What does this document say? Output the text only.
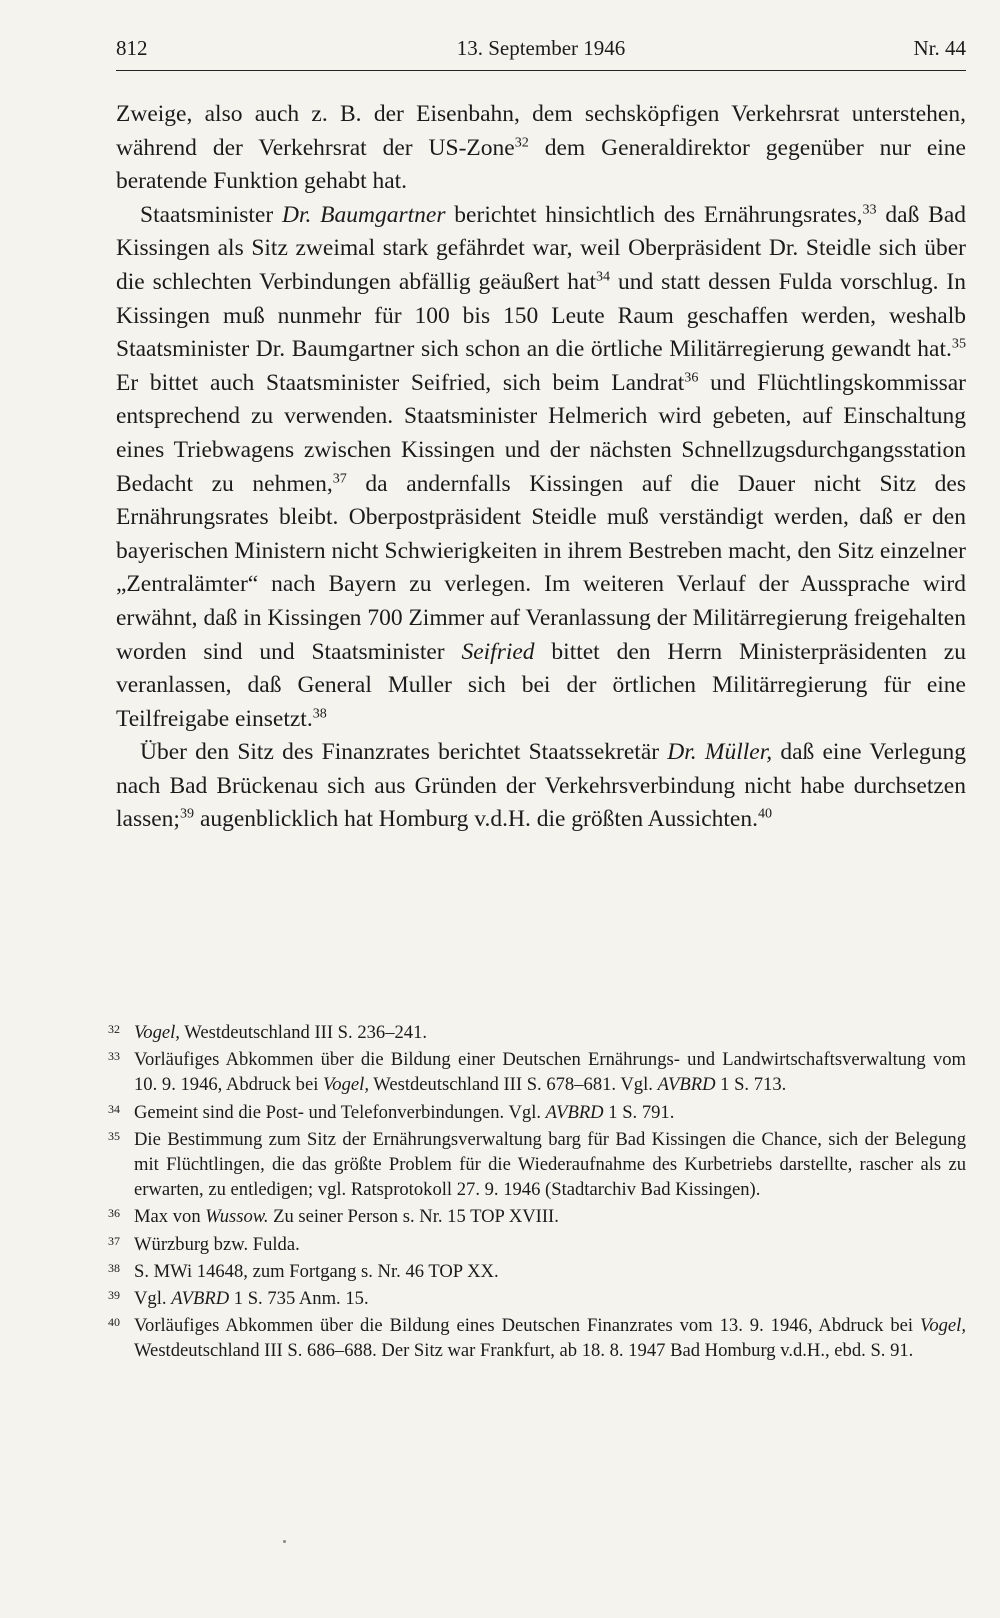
13. September 1946
812	Nr. 44

Zweige, also auch z. B. der Eisenbahn, dem sechsköpfigen Verkehrsrat unterstehen, während der Verkehrsrat der US-Zone$^{32}$ dem Generaldirektor gegenüber nur eine beratende Funktion gehabt hat.

Staatsminister Dr. Baumgartner berichtet hinsichtlich des Ernährungsrates,$^{33}$ daß Bad Kissingen als Sitz zweimal stark gefährdet war, weil Oberpräsident Dr. Steidle sich über die schlechten Verbindungen abfällig geäußert hat$^{34}$ und statt dessen Fulda vorschlug. In Kissingen muß nunmehr für 100 bis 150 Leute Raum geschaffen werden, weshalb Staatsminister Dr. Baumgartner sich schon an die örtliche Militärregierung gewandt hat.$^{35}$ Er bittet auch Staatsminister Seifried, sich beim Landrat$^{36}$ und Flüchtlingskommissar entsprechend zu verwenden. Staatsminister Helmerich wird gebeten, auf Einschaltung eines Triebwagens zwischen Kissingen und der nächsten Schnellzugsdurchgangsstation Bedacht zu nehmen,$^{37}$ da andernfalls Kissingen auf die Dauer nicht Sitz des Ernährungsrates bleibt. Oberpostpräsident Steidle muß verständigt werden, daß er den bayerischen Ministern nicht Schwierigkeiten in ihrem Bestreben macht, den Sitz einzelner „Zentralämter“ nach Bayern zu verlegen. Im weiteren Verlauf der Aussprache wird erwähnt, daß in Kissingen 700 Zimmer auf Veranlassung der Militärregierung freigehalten worden sind und Staatsminister Seifried bittet den Herrn Ministerpräsidenten zu veranlassen, daß General Muller sich bei der örtlichen Militärregierung für eine Teilfreigabe einsetzt.$^{38}$

Über den Sitz des Finanzrates berichtet Staatssekretär Dr. Müller, daß eine Verlegung nach Bad Brückenau sich aus Gründen der Verkehrsverbindung nicht habe durchsetzen lassen;$^{39}$ augenblicklich hat Homburg v.d.H. die größten Aussichten.$^{40}$

32 Vogel, Westdeutschland III S. 236–241.
33 Vorläufiges Abkommen über die Bildung einer Deutschen Ernährungs- und Landwirtschaftsverwaltung vom 10. 9. 1946, Abdruck bei Vogel, Westdeutschland III S. 678–681. Vgl. AVBRD 1 S. 713.
34 Gemeint sind die Post- und Telefonverbindungen. Vgl. AVBRD 1 S. 791.
35 Die Bestimmung zum Sitz der Ernährungsverwaltung barg für Bad Kissingen die Chance, sich der Belegung mit Flüchtlingen, die das größte Problem für die Wiederaufnahme des Kurbetriebs darstellte, rascher als zu erwarten, zu entledigen; vgl. Ratsprotokoll 27. 9. 1946 (Stadtarchiv Bad Kissingen).
36 Max von Wussow. Zu seiner Person s. Nr. 15 TOP XVIII.
37 Würzburg bzw. Fulda.
38 S. MWi 14648, zum Fortgang s. Nr. 46 TOP XX.
39 Vgl. AVBRD 1 S. 735 Anm. 15.
40 Vorläufiges Abkommen über die Bildung eines Deutschen Finanzrates vom 13. 9. 1946, Abdruck bei Vogel, Westdeutschland III S. 686–688. Der Sitz war Frankfurt, ab 18. 8. 1947 Bad Homburg v.d.H., ebd. S. 91.
